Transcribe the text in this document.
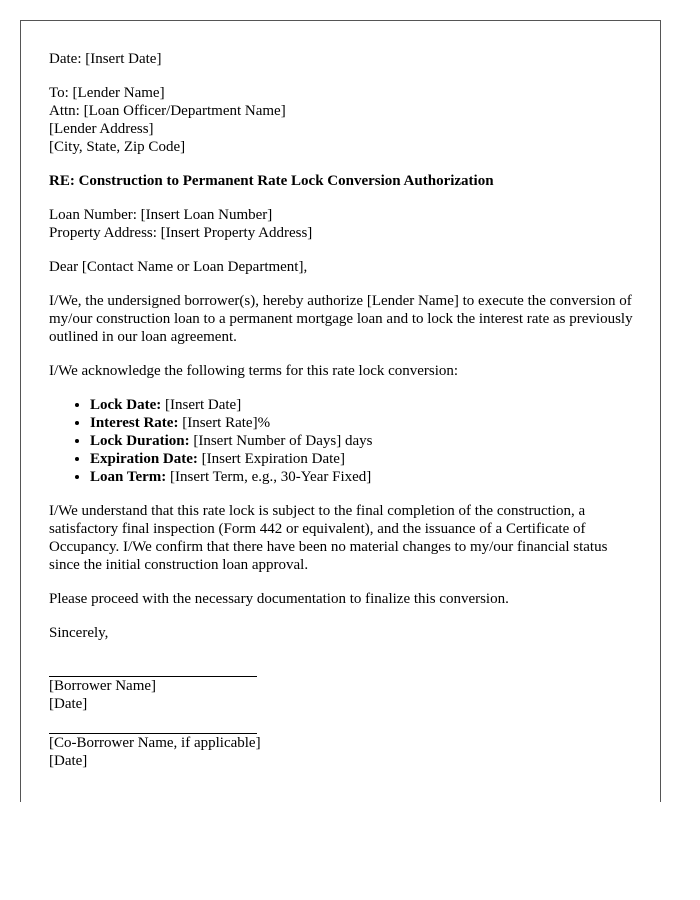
Date: [Insert Date]

To: [Lender Name]
Attn: [Loan Officer/Department Name]
[Lender Address]
[City, State, Zip Code]

RE: Construction to Permanent Rate Lock Conversion Authorization

Loan Number: [Insert Loan Number]
Property Address: [Insert Property Address]

Dear [Contact Name or Loan Department],

I/We, the undersigned borrower(s), hereby authorize [Lender Name] to execute the conversion of my/our construction loan to a permanent mortgage loan and to lock the interest rate as previously outlined in our loan agreement.

I/We acknowledge the following terms for this rate lock conversion:

• Lock Date: [Insert Date]
• Interest Rate: [Insert Rate]%
• Lock Duration: [Insert Number of Days] days
• Expiration Date: [Insert Expiration Date]
• Loan Term: [Insert Term, e.g., 30-Year Fixed]

I/We understand that this rate lock is subject to the final completion of the construction, a satisfactory final inspection (Form 442 or equivalent), and the issuance of a Certificate of Occupancy. I/We confirm that there have been no material changes to my/our financial status since the initial construction loan approval.

Please proceed with the necessary documentation to finalize this conversion.

Sincerely,

[Borrower Name]
[Date]
[Co-Borrower Name, if applicable]
[Date]
